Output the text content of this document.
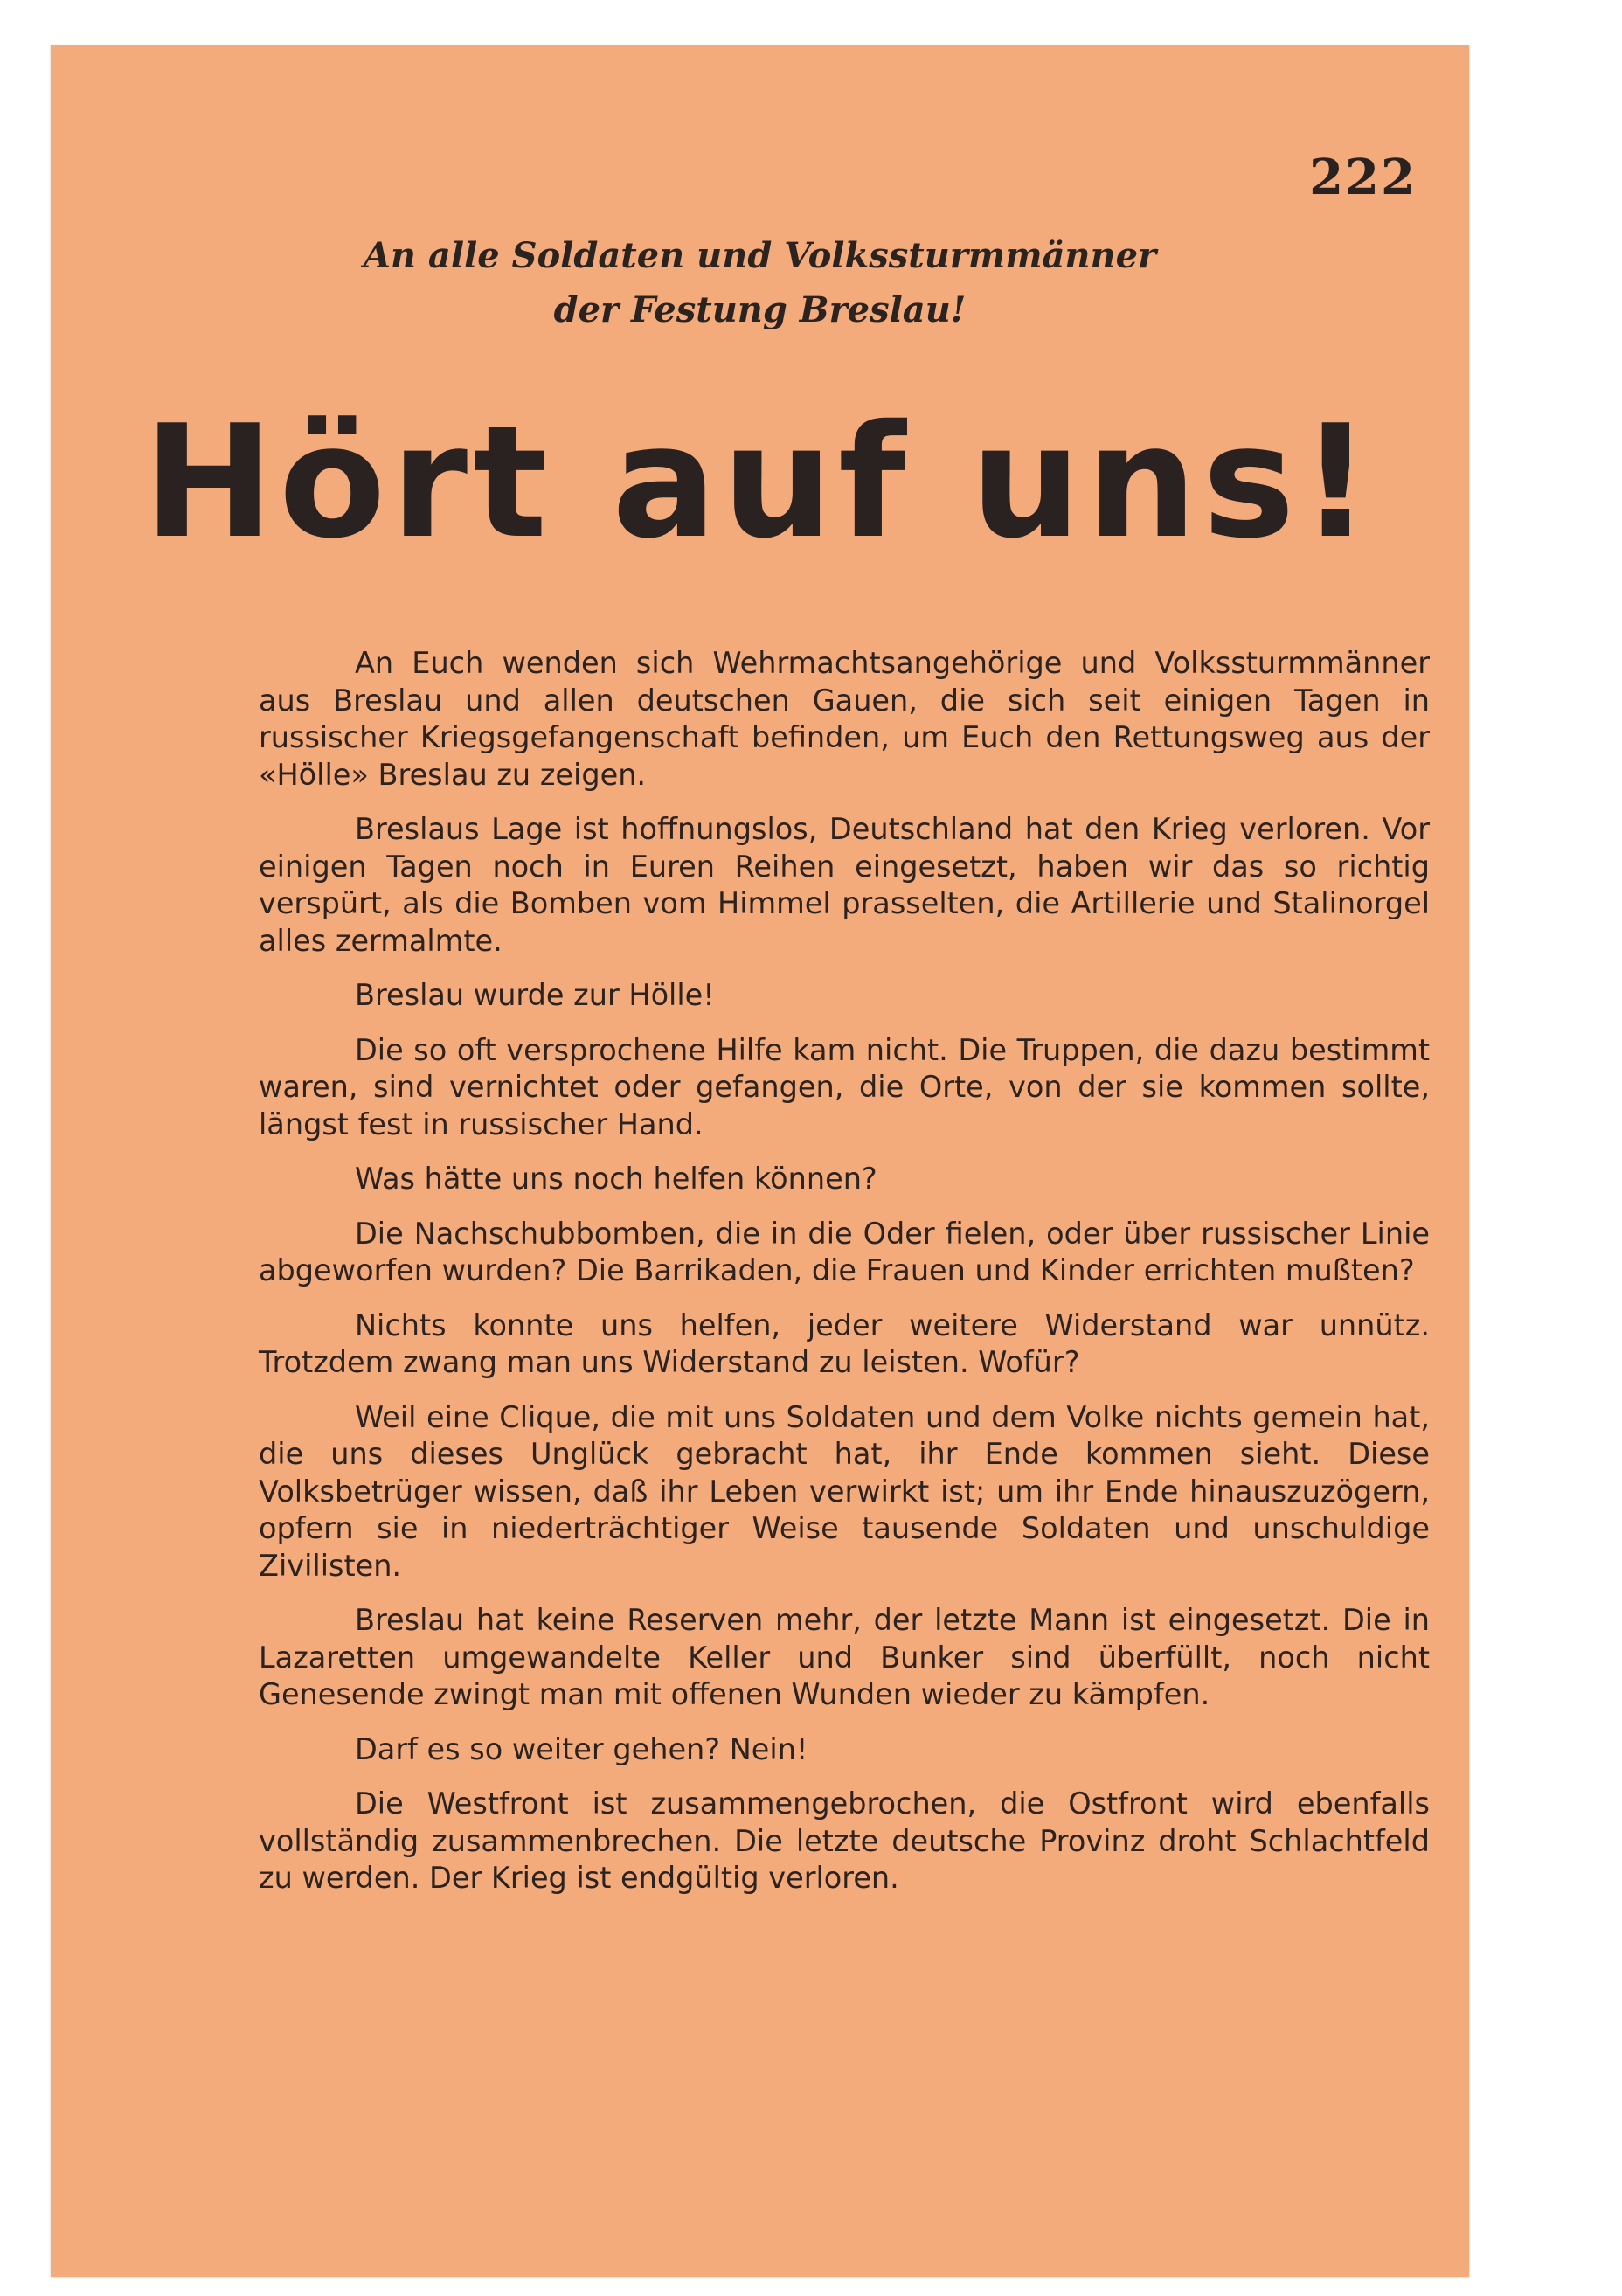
222
An alle Soldaten und Volkssturmmänner
der Festung Breslau!
Hört auf uns!

An Euch wenden sich Wehrmachtsangehörige und Volkssturmmänner aus Breslau und allen deutschen Gauen, die sich seit einigen Tagen in russischer Kriegsgefangenschaft befinden, um Euch den Rettungsweg aus der «Hölle» Breslau zu zeigen.

Breslaus Lage ist hoffnungslos, Deutschland hat den Krieg verloren. Vor einigen Tagen noch in Euren Reihen eingesetzt, haben wir das so richtig verspürt, als die Bomben vom Himmel prasselten, die Artillerie und Stalinorgel alles zermalmte.

Breslau wurde zur Hölle!

Die so oft versprochene Hilfe kam nicht. Die Truppen, die dazu bestimmt waren, sind vernichtet oder gefangen, die Orte, von der sie kommen sollte, längst fest in russischer Hand.

Was hätte uns noch helfen können?

Die Nachschubbomben, die in die Oder fielen, oder über russischer Linie abgeworfen wurden? Die Barrikaden, die Frauen und Kinder errichten mußten?

Nichts konnte uns helfen, jeder weitere Widerstand war unnütz. Trotzdem zwang man uns Widerstand zu leisten. Wofür?

Weil eine Clique, die mit uns Soldaten und dem Volke nichts gemein hat, die uns dieses Unglück gebracht hat, ihr Ende kommen sieht. Diese Volksbetrüger wissen, daß ihr Leben verwirkt ist; um ihr Ende hinauszuzögern, opfern sie in niederträchtiger Weise tausende Soldaten und unschuldige Zivilisten.

Breslau hat keine Reserven mehr, der letzte Mann ist eingesetzt. Die in Lazaretten umgewandelte Keller und Bunker sind überfüllt, noch nicht Genesende zwingt man mit offenen Wunden wieder zu kämpfen.

Darf es so weiter gehen? Nein!

Die Westfront ist zusammengebrochen, die Ostfront wird ebenfalls vollständig zusammenbrechen. Die letzte deutsche Provinz droht Schlachtfeld zu werden. Der Krieg ist endgültig verloren.
